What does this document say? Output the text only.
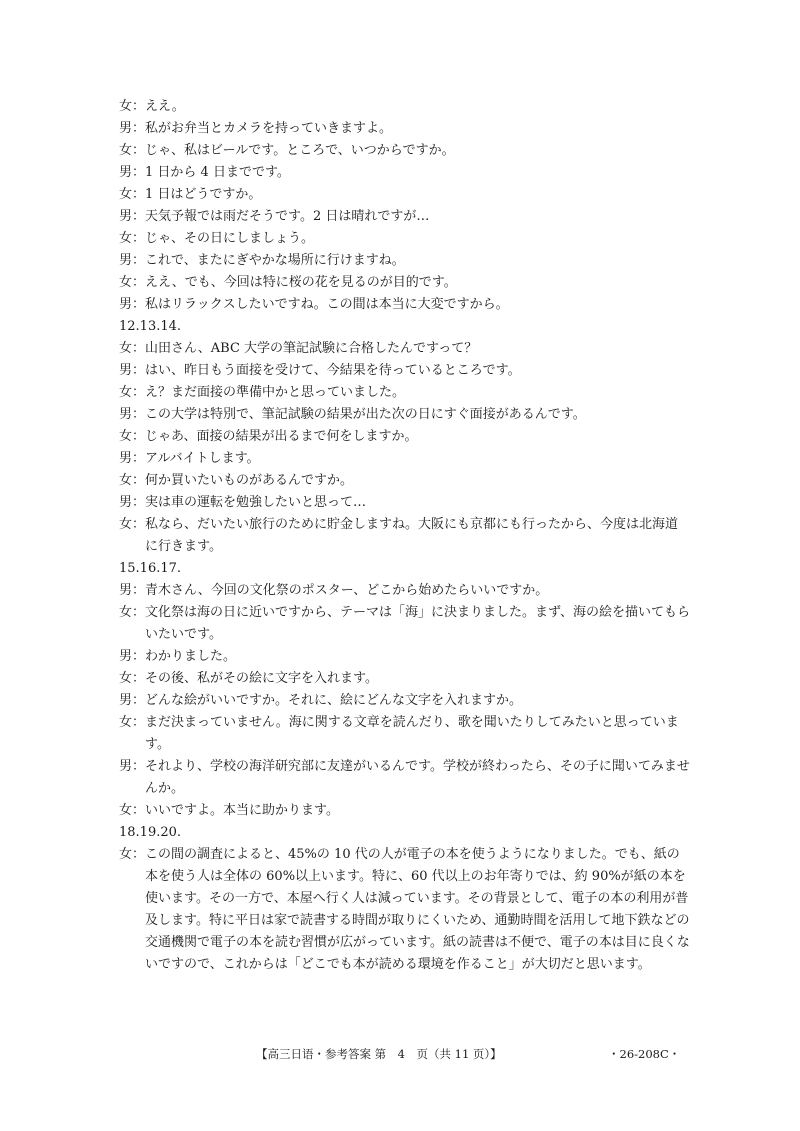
女： ええ。
男： 私がお弁当とカメラを持っていきますよ。
女： じゃ、私はビールです。ところで、いつからですか。
男： 1 日から 4 日までです。
女： 1 日はどうですか。
男： 天気予報では雨だそうです。2 日は晴れですが…
女： じゃ、その日にしましょう。
男： これで、またにぎやかな場所に行けますね。
女： ええ、でも、今回は特に桜の花を見るのが目的です。
男： 私はリラックスしたいですね。この間は本当に大変ですから。
12.13.14.
女： 山田さん、ABC 大学の筆記試験に合格したんですって？
男： はい、昨日もう面接を受けて、今結果を待っているところです。
女： え？まだ面接の準備中かと思っていました。
男： この大学は特別で、筆記試験の結果が出た次の日にすぐ面接があるんです。
女： じゃあ、面接の結果が出るまで何をしますか。
男： アルバイトします。
女： 何か買いたいものがあるんですか。
男： 実は車の運転を勉強したいと思って…
女： 私なら、だいたい旅行のために貯金しますね。大阪にも京都にも行ったから、今度は北海道に行きます。
15.16.17.
男： 青木さん、今回の文化祭のポスター、どこから始めたらいいですか。
女： 文化祭は海の日に近いですから、テーマは「海」に決まりました。まず、海の絵を描いてもらいたいです。
男： わかりました。
女： その後、私がその絵に文字を入れます。
男： どんな絵がいいですか。それに、絵にどんな文字を入れますか。
女： まだ決まっていません。海に関する文章を読んだり、歌を聞いたりしてみたいと思っています。
男： それより、学校の海洋研究部に友達がいるんです。学校が終わったら、その子に聞いてみませんか。
女： いいですよ。本当に助かります。
18.19.20.
女： この間の調査によると、45%の 10 代の人が電子の本を使うようになりました。でも、紙の本を使う人は全体の 60%以上います。特に、60 代以上のお年寄りでは、約 90%が紙の本を使います。その一方で、本屋へ行く人は減っています。その背景として、電子の本の利用が普及します。特に平日は家で読書する時間が取りにくいため、通勤時間を活用して地下鉄などの交通機関で電子の本を読む習慣が広がっています。紙の読書は不便で、電子の本は目に良くないですので、これからは「どこでも本が読める環境を作ること」が大切だと思います。
【高三日语・参考答案 第　4　页（共 11 页）】	・26-208C・
